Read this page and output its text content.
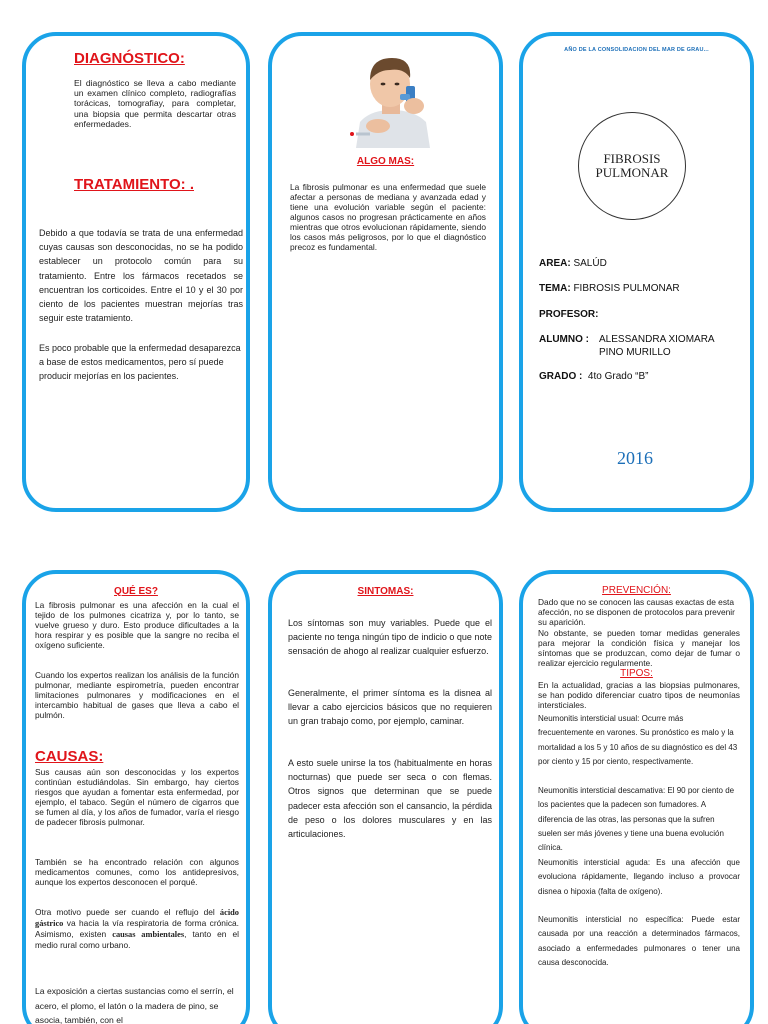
DIAGNÓSTICO:
El diagnóstico se lleva a cabo mediante un examen clínico completo, radiografías torácicas, tomografiay, para completar, una biopsia que permita descartar otras enfermedades.
TRATAMIENTO: .
Debido a que todavía se trata de una enfermedad cuyas causas son desconocidas, no se ha podido establecer un protocolo común para su tratamiento. Entre los fármacos recetados se encuentran los corticoides. Entre el 10 y el 30 por ciento de los pacientes muestran mejorías tras seguir este tratamiento.
Es poco probable que la enfermedad desaparezca a base de estos medicamentos, pero sí puede producir mejorías en los pacientes.
ALGO MAS:
La fibrosis pulmonar es una enfermedad que suele afectar a personas de mediana y avanzada edad y tiene una evolución variable según el paciente: algunos casos no progresan prácticamente en años mientras que otros evolucionan rápidamente, siendo los casos más peligrosos, por lo que el diagnóstico precoz es fundamental.
AÑO DE LA CONSOLIDACION DEL MAR DE GRAU...
FIBROSIS PULMONAR
AREA: SALÚD
TEMA: FIBROSIS PULMONAR
PROFESOR:
ALUMNO : ALESSANDRA XIOMARA
PINO MURILLO
GRADO : 4to Grado “B”
2016
QUÉ ES?
La fibrosis pulmonar es una afección en la cual el tejido de los pulmones cicatriza y, por lo tanto, se vuelve grueso y duro. Esto produce dificultades a la hora respirar y es posible que la sangre no reciba el oxígeno suficiente.
Cuando los expertos realizan los análisis de la función pulmonar, mediante espirometría, pueden encontrar limitaciones pulmonares y modificaciones en el intercambio habitual de gases que lleva a cabo el pulmón.
CAUSAS:
Sus causas aún son desconocidas y los expertos continúan estudiándolas. Sin embargo, hay ciertos riesgos que ayudan a fomentar esta enfermedad, por ejemplo, el tabaco. Según el número de cigarros que se fumen al día, y los años de fumador, varía el riesgo de padecer fibrosis pulmonar.
También se ha encontrado relación con algunos medicamentos comunes, como los antidepresivos, aunque los expertos desconocen el porqué.
Otra motivo puede ser cuando el reflujo del ácido gástrico va hacia la vía respiratoria de forma crónica. Asimismo, existen causas ambientales, tanto en el medio rural como urbano.
La exposición a ciertas sustancias como el serrín, el acero, el plomo, el latón o la madera de pino, se asocia, también, con el
SINTOMAS:
Los síntomas son muy variables. Puede que el paciente no tenga ningún tipo de indicio o que note sensación de ahogo al realizar cualquier esfuerzo.
Generalmente, el primer síntoma es la disnea al llevar a cabo ejercicios básicos que no requieren un gran trabajo como, por ejemplo, caminar.
A esto suele unirse la tos (habitualmente en horas nocturnas) que puede ser seca o con flemas. Otros signos que determinan que se puede padecer esta afección son el cansancio, la pérdida de peso o los dolores musculares y en las articulaciones.
PREVENCIÓN:
Dado que no se conocen las causas exactas de esta afección, no se disponen de protocolos para prevenir su aparición.
No obstante, se pueden tomar medidas generales para mejorar la condición física y manejar los síntomas que se produzcan, como dejar de fumar o realizar ejercicio regularmente.
TIPOS:
En la actualidad, gracias a las biopsias pulmonares, se han podido diferenciar cuatro tipos de neumonías intersticiales.
Neumonitis intersticial usual: Ocurre más frecuentemente en varones. Su pronóstico es malo y la mortalidad a los 5 y 10 años de su diagnóstico es del 43 por ciento y 15 por ciento, respectivamente.
Neumonitis intersticial descamativa: El 90 por ciento de los pacientes que la padecen son fumadores. A diferencia de las otras, las personas que la sufren suelen ser más jóvenes y tiene una buena evolución clínica.
Neumonitis intersticial aguda: Es una afección que evoluciona rápidamente, llegando incluso a provocar disnea o hipoxia (falta de oxígeno).
Neumonitis intersticial no específica: Puede estar causada por una reacción a determinados fármacos, asociado a enfermedades pulmonares o tener una causa desconocida.
